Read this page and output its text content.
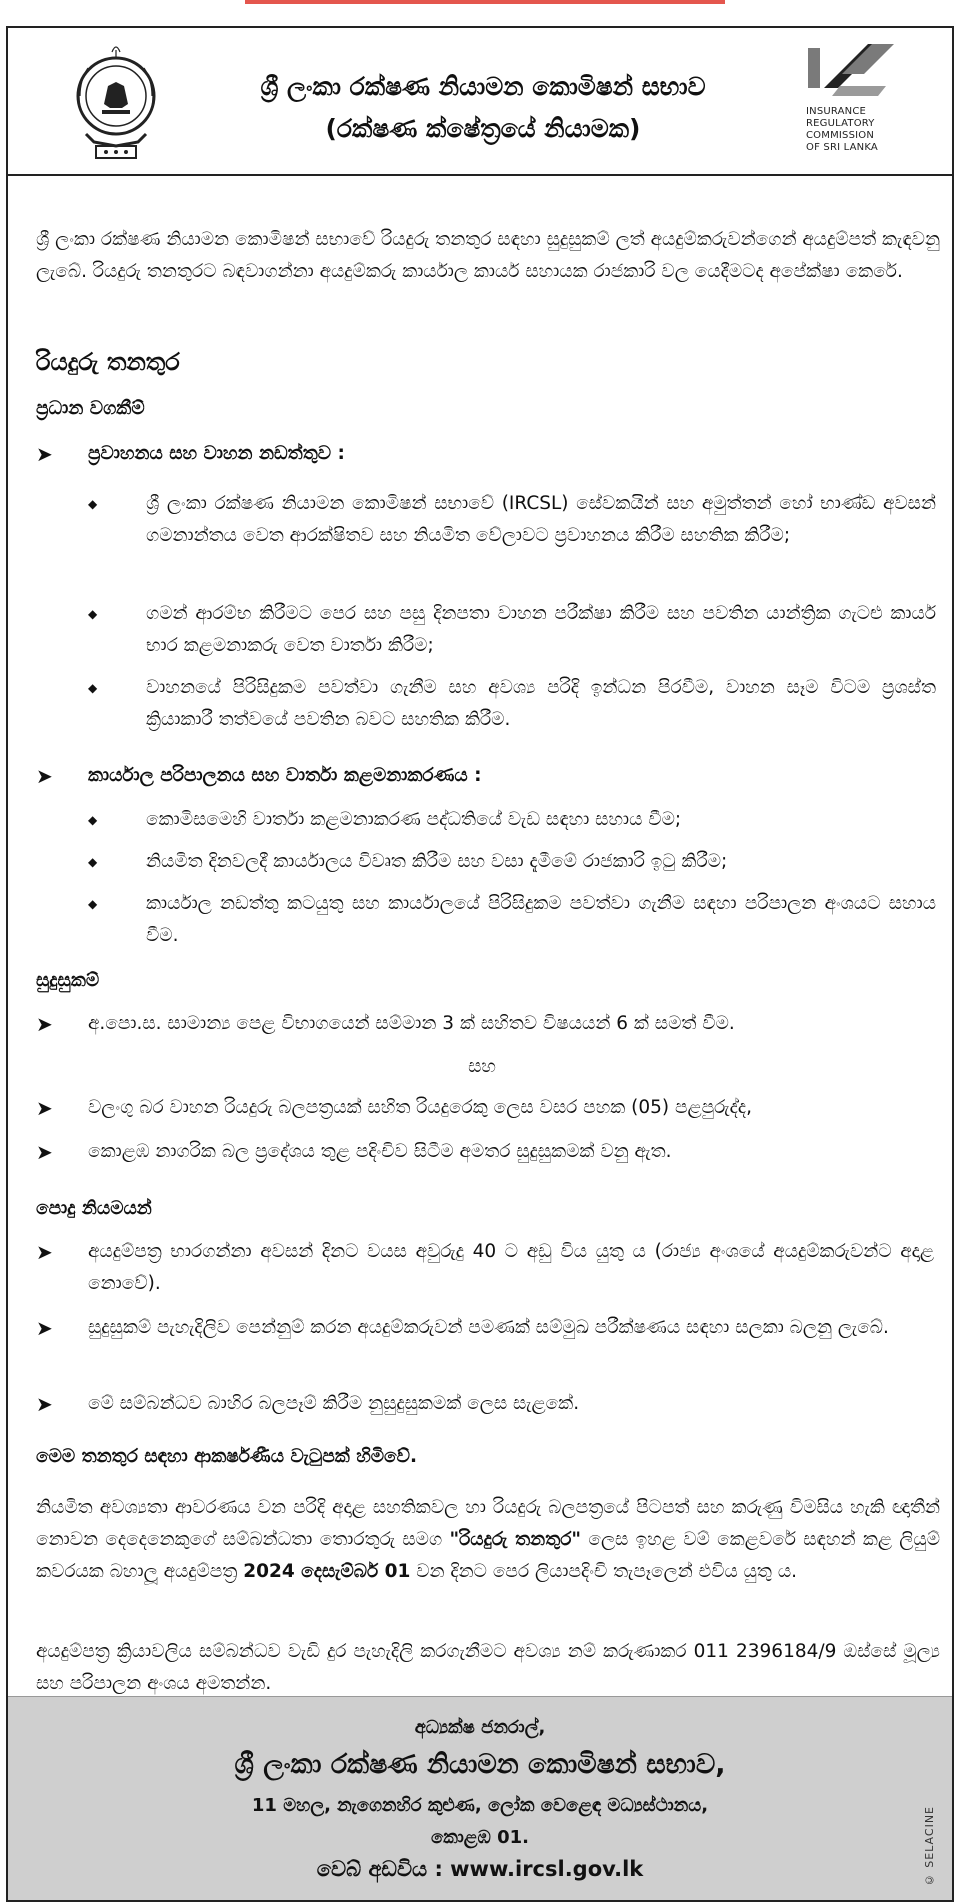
ශ්‍රී ලංකා රක්ෂණ නියාමන කොමිෂන් සභාව
(රක්ෂණ ක්ෂේත්‍රයේ නියාමක)
INSURANCE
REGULATORY
COMMISSION
OF SRI LANKA
ශ්‍රී ලංකා රක්ෂණ නියාමන කොමිෂන් සභාවේ රියදුරු තනතුර සඳහා සුදුසුකම් ලත් අයදුම්කරුවන්ගෙන් අයදුම්පත් කැඳවනු ලැබේ. රියදුරු තනතුරට බඳවාගන්නා අයදුම්කරු කාර්යාල කාර්ය සහායක රාජකාරි වල යෙදීමටද අපේක්ෂා කෙරේ.
රියදුරු තනතුර
ප්‍රධාන වගකීම්
➤	ප්‍රවාහනය සහ වාහන නඩත්තුව :
◆	ශ්‍රී ලංකා රක්ෂණ නියාමන කොමිෂන් සභාවේ (IRCSL) සේවකයින් සහ අමුත්තන් හෝ භාණ්ඩ අවසන් ගමනාන්තය වෙත ආරක්ෂිතව සහ නියමිත වේලාවට ප්‍රවාහනය කිරීම සහතික කිරීම;
◆	ගමන් ආරම්භ කිරීමට පෙර සහ පසු දිනපතා වාහන පරීක්ෂා කිරීම සහ පවතින යාන්ත්‍රික ගැටළු කාර්ය භාර කළමනාකරු වෙත වාර්තා කිරීම;
◆	වාහනයේ පිරිසිදුකම පවත්වා ගැනීම සහ අවශ්‍ය පරිදි ඉන්ධන පිරවීම, වාහන සෑම විටම ප්‍රශස්ත ක්‍රියාකාරී තත්වයේ පවතින බවට සහතික කිරීම.
➤	කාර්යාල පරිපාලනය සහ වාර්තා කළමනාකරණය :
◆	කොමිසමෙහි වාර්තා කළමනාකරණ පද්ධතියේ වැඩ සඳහා සහාය වීම;
◆	නියමිත දිනවලදී කාර්යාලය විවෘත කිරීම සහ වසා දැමීමේ රාජකාරි ඉටු කිරීම;
◆	කාර්යාල නඩත්තු කටයුතු සහ කාර්යාලයේ පිරිසිදුකම පවත්වා ගැනීම සඳහා පරිපාලන අංශයට සහාය වීම.
සුදුසුකම්
➤	අ.පො.ස. සාමාන්‍ය පෙළ විභාගයෙන් සම්මාන 3 ක් සහිතව විෂයයන් 6 ක් සමත් වීම.
සහ
➤	වලංගු බර වාහන රියදුරු බලපත්‍රයක් සහිත රියදුරෙකු ලෙස වසර පහක (05) පළපුරුද්ද,
➤	කොළඹ නාගරික බල ප්‍රදේශය තුළ පදිංචිව සිටීම අමතර සුදුසුකමක් වනු ඇත.
පොදු නියමයන්
➤	අයදුම්පත්‍ර භාරගන්නා අවසන් දිනට වයස අවුරුදු 40 ට අඩු විය යුතු ය (රාජ්‍ය අංශයේ අයදුම්කරුවන්ට අදාළ නොවේ).
➤	සුදුසුකම් පැහැදිලිව පෙන්නුම් කරන අයදුම්කරුවන් පමණක් සම්මුඛ පරීක්ෂණය සඳහා සලකා බලනු ලැබේ.
➤	මේ සම්බන්ධව බාහිර බලපෑම් කිරීම නුසුදුසුකමක් ලෙස සැළකේ.
මෙම තනතුර සඳහා ආකර්ෂණීය වැටුපක් හිමිවේ.
නියමිත අවශ්‍යතා ආවරණය වන පරිදි අදාළ සහතිකවල හා රියදුරු බලපත්‍රයේ පිටපත් සහ කරුණු විමසිය හැකි ඥාතීන් නොවන දෙදෙනෙකුගේ සම්බන්ධතා තොරතුරු සමග "රියදුරු තනතුර" ලෙස ඉහළ වම් කෙළවරේ සඳහන් කළ ලියුම් කවරයක බහාලූ අයදුම්පත්‍ර 2024 දෙසැම්බර් 01 වන දිනට පෙර ලියාපදිංචි තැපෑලෙන් එවිය යුතු ය.
අයදුම්පත්‍ර ක්‍රියාවලිය සම්බන්ධව වැඩි දුර පැහැදිලි කරගැනීමට අවශ්‍ය නම් කරුණාකර 011 2396184/9 ඔස්සේ මූල්‍ය සහ පරිපාලන අංශය අමතන්න.
අධ්‍යක්ෂ ජනරාල්,
ශ්‍රී ලංකා රක්ෂණ නියාමන කොමිෂන් සභාව,
11 මහල, නැගෙනහිර කුළුණ, ලෝක වෙළෙඳ මධ්‍යස්ථානය,
කොළඹ 01.
වෙබ් අඩවිය : www.ircsl.gov.lk	© SELACINE
